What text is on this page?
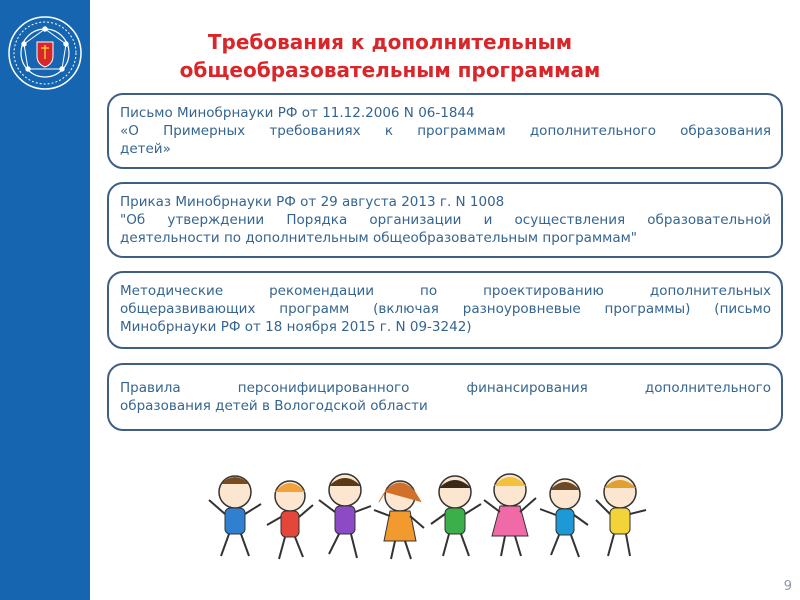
Требования к дополнительным
общеобразовательным программам
Письмо Минобрнауки РФ от 11.12.2006 N 06-1844
«О Примерных требованиях к программам дополнительного образования
детей»
Приказ Минобрнауки РФ от 29 августа 2013 г. N 1008
"Об утверждении Порядка организации и осуществления образовательной
деятельности по дополнительным общеобразовательным программам"
Методические рекомендации по проектированию дополнительных
общеразвивающих программ (включая разноуровневые программы) (письмо
Минобрнауки РФ от 18 ноября 2015 г. N 09-3242)
Правила персонифицированного финансирования дополнительного
образования детей в Вологодской области
9
